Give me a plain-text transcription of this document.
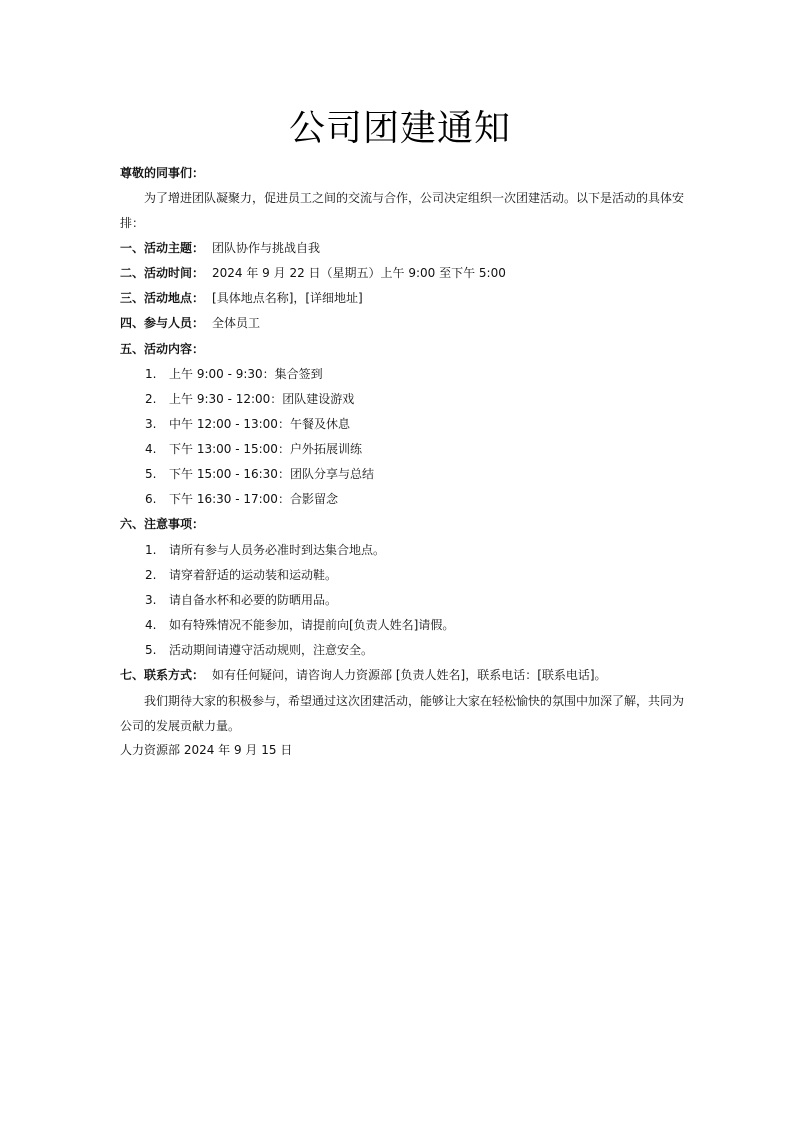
公司团建通知
尊敬的同事们：
为了增进团队凝聚力，促进员工之间的交流与合作，公司决定组织一次团建活动。以下是活动的具体安排：
一、活动主题： 团队协作与挑战自我
二、活动时间： 2024 年 9 月 22 日（星期五）上午 9:00 至下午 5:00
三、活动地点： [具体地点名称]，[详细地址]
四、参与人员： 全体员工
五、活动内容：
1. 上午 9:00 - 9:30：集合签到
2. 上午 9:30 - 12:00：团队建设游戏
3. 中午 12:00 - 13:00：午餐及休息
4. 下午 13:00 - 15:00：户外拓展训练
5. 下午 15:00 - 16:30：团队分享与总结
6. 下午 16:30 - 17:00：合影留念
六、注意事项：
1. 请所有参与人员务必准时到达集合地点。
2. 请穿着舒适的运动装和运动鞋。
3. 请自备水杯和必要的防晒用品。
4. 如有特殊情况不能参加，请提前向[负责人姓名]请假。
5. 活动期间请遵守活动规则，注意安全。
七、联系方式： 如有任何疑问，请咨询人力资源部 [负责人姓名]，联系电话：[联系电话]。
我们期待大家的积极参与，希望通过这次团建活动，能够让大家在轻松愉快的氛围中加深了解，共同为公司的发展贡献力量。
人力资源部 2024 年 9 月 15 日
